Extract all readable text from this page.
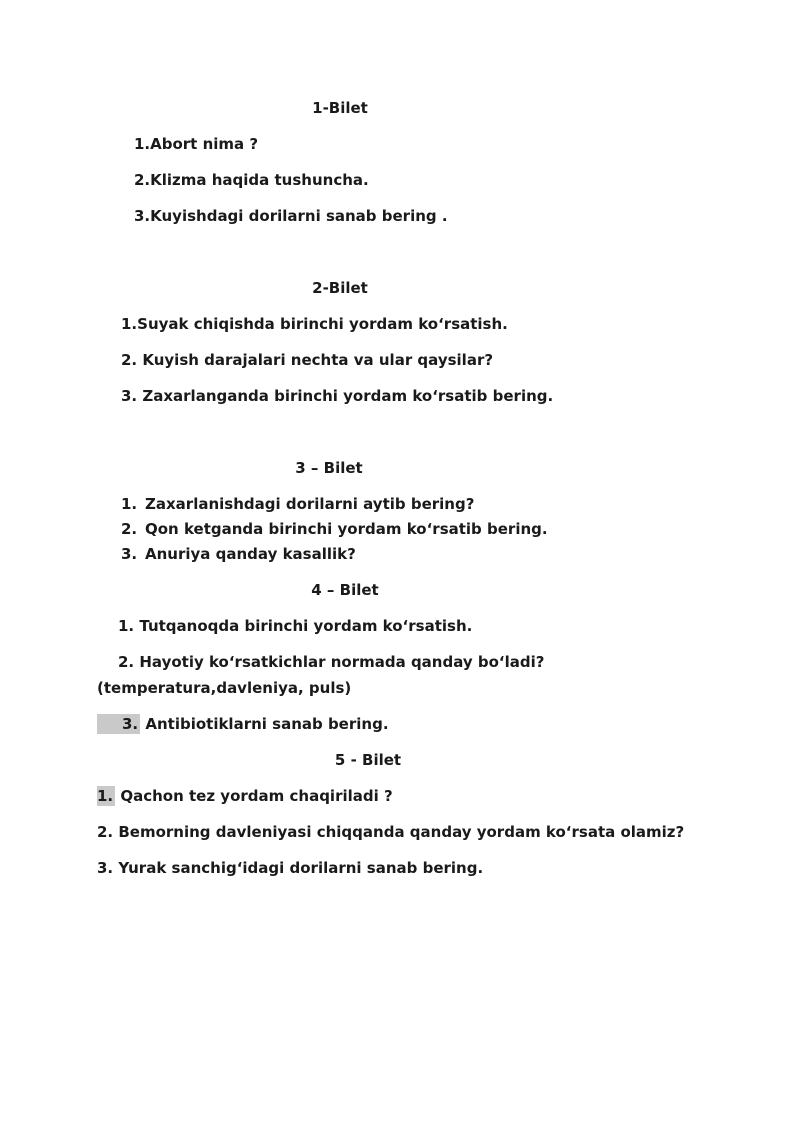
1-Bilet
1.Abort nima ?
2.Klizma haqida tushuncha.
3.Kuyishdagi dorilarni sanab bering .
2-Bilet
1.Suyak chiqishda birinchi yordam ko‘rsatish.
2. Kuyish darajalari nechta va ular qaysilar?
3. Zaxarlanganda birinchi yordam ko‘rsatib bering.
3 – Bilet
1. Zaxarlanishdagi dorilarni aytib bering?
2. Qon ketganda birinchi yordam ko‘rsatib bering.
3. Anuriya qanday kasallik?
4 – Bilet
1. Tutqanoqda birinchi yordam ko‘rsatish.
2. Hayotiy ko‘rsatkichlar normada qanday bo‘ladi?
(temperatura,davleniya, puls)
3. Antibiotiklarni sanab bering.
5 - Bilet
1. Qachon tez yordam chaqiriladi ?
2. Bemorning davleniyasi chiqqanda qanday yordam ko‘rsata olamiz?
3. Yurak sanchig‘idagi dorilarni sanab bering.
